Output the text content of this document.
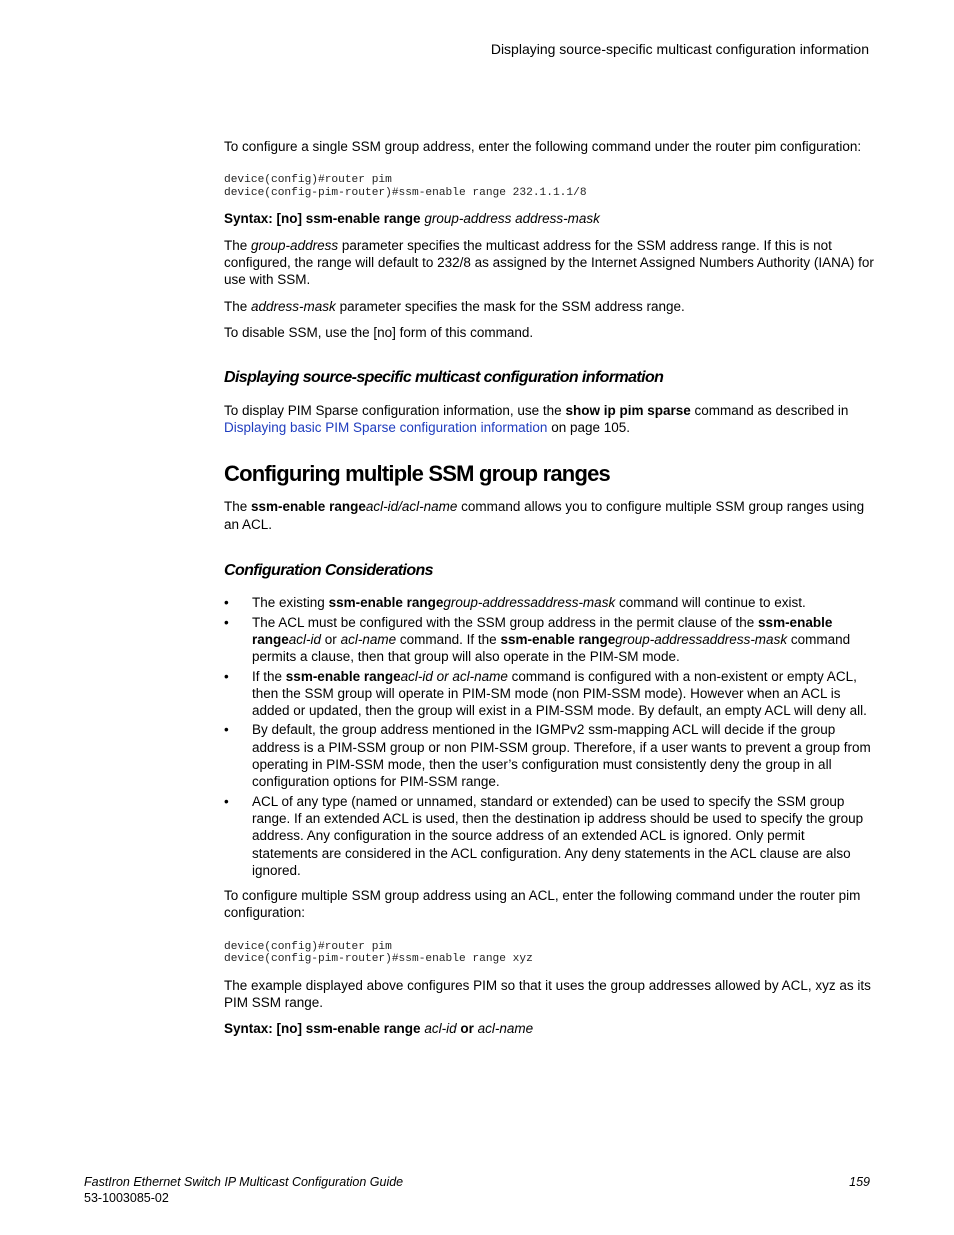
Displaying source-specific multicast configuration information

To configure a single SSM group address, enter the following command under the router pim configuration:

device(config)#router pim
device(config-pim-router)#ssm-enable range 232.1.1.1/8

Syntax: [no] ssm-enable range group-address address-mask

The group-address parameter specifies the multicast address for the SSM address range. If this is not configured, the range will default to 232/8 as assigned by the Internet Assigned Numbers Authority (IANA) for use with SSM.

The address-mask parameter specifies the mask for the SSM address range.

To disable SSM, use the [no] form of this command.

Displaying source-specific multicast configuration information

To display PIM Sparse configuration information, use the show ip pim sparse command as described in Displaying basic PIM Sparse configuration information on page 105.

Configuring multiple SSM group ranges

The ssm-enable rangeacl-id/acl-name command allows you to configure multiple SSM group ranges using an ACL.

Configuration Considerations
• The existing ssm-enable rangegroup-addressaddress-mask command will continue to exist.
• The ACL must be configured with the SSM group address in the permit clause of the ssm-enable rangeacl-id or acl-name command. If the ssm-enable rangegroup-addressaddress-mask command permits a clause, then that group will also operate in the PIM-SM mode.
• If the ssm-enable rangeacl-id or acl-name command is configured with a non-existent or empty ACL, then the SSM group will operate in PIM-SM mode (non PIM-SSM mode). However when an ACL is added or updated, then the group will exist in a PIM-SSM mode. By default, an empty ACL will deny all.
• By default, the group address mentioned in the IGMPv2 ssm-mapping ACL will decide if the group address is a PIM-SSM group or non PIM-SSM group. Therefore, if a user wants to prevent a group from operating in PIM-SSM mode, then the user’s configuration must consistently deny the group in all configuration options for PIM-SSM range.
• ACL of any type (named or unnamed, standard or extended) can be used to specify the SSM group range. If an extended ACL is used, then the destination ip address should be used to specify the group address. Any configuration in the source address of an extended ACL is ignored. Only permit statements are considered in the ACL configuration. Any deny statements in the ACL clause are also ignored.

To configure multiple SSM group address using an ACL, enter the following command under the router pim configuration:

device(config)#router pim
device(config-pim-router)#ssm-enable range xyz

The example displayed above configures PIM so that it uses the group addresses allowed by ACL, xyz as its PIM SSM range.

Syntax: [no] ssm-enable range acl-id or acl-name

FastIron Ethernet Switch IP Multicast Configuration Guide
53-1003085-02
159
